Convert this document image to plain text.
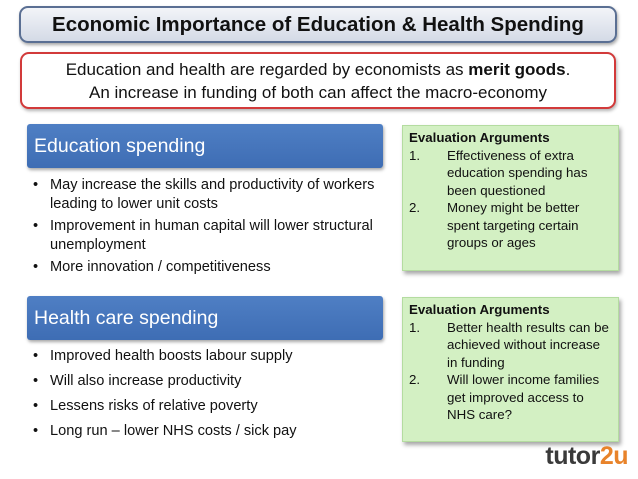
Economic Importance of Education & Health Spending
Education and health are regarded by economists as merit goods.
An increase in funding of both can affect the macro-economy
Education spending
• May increase the skills and productivity of workers leading to lower unit costs
• Improvement in human capital will lower structural unemployment
• More innovation / competitiveness
Evaluation Arguments
1. Effectiveness of extra education spending has been questioned
2. Money might be better spent targeting certain groups or ages
Health care spending
• Improved health boosts labour supply
• Will also increase productivity
• Lessens risks of relative poverty
• Long run – lower NHS costs / sick pay
Evaluation Arguments
1. Better health results can be achieved without increase in funding
2. Will lower income families get improved access to NHS care?
tutor2u
